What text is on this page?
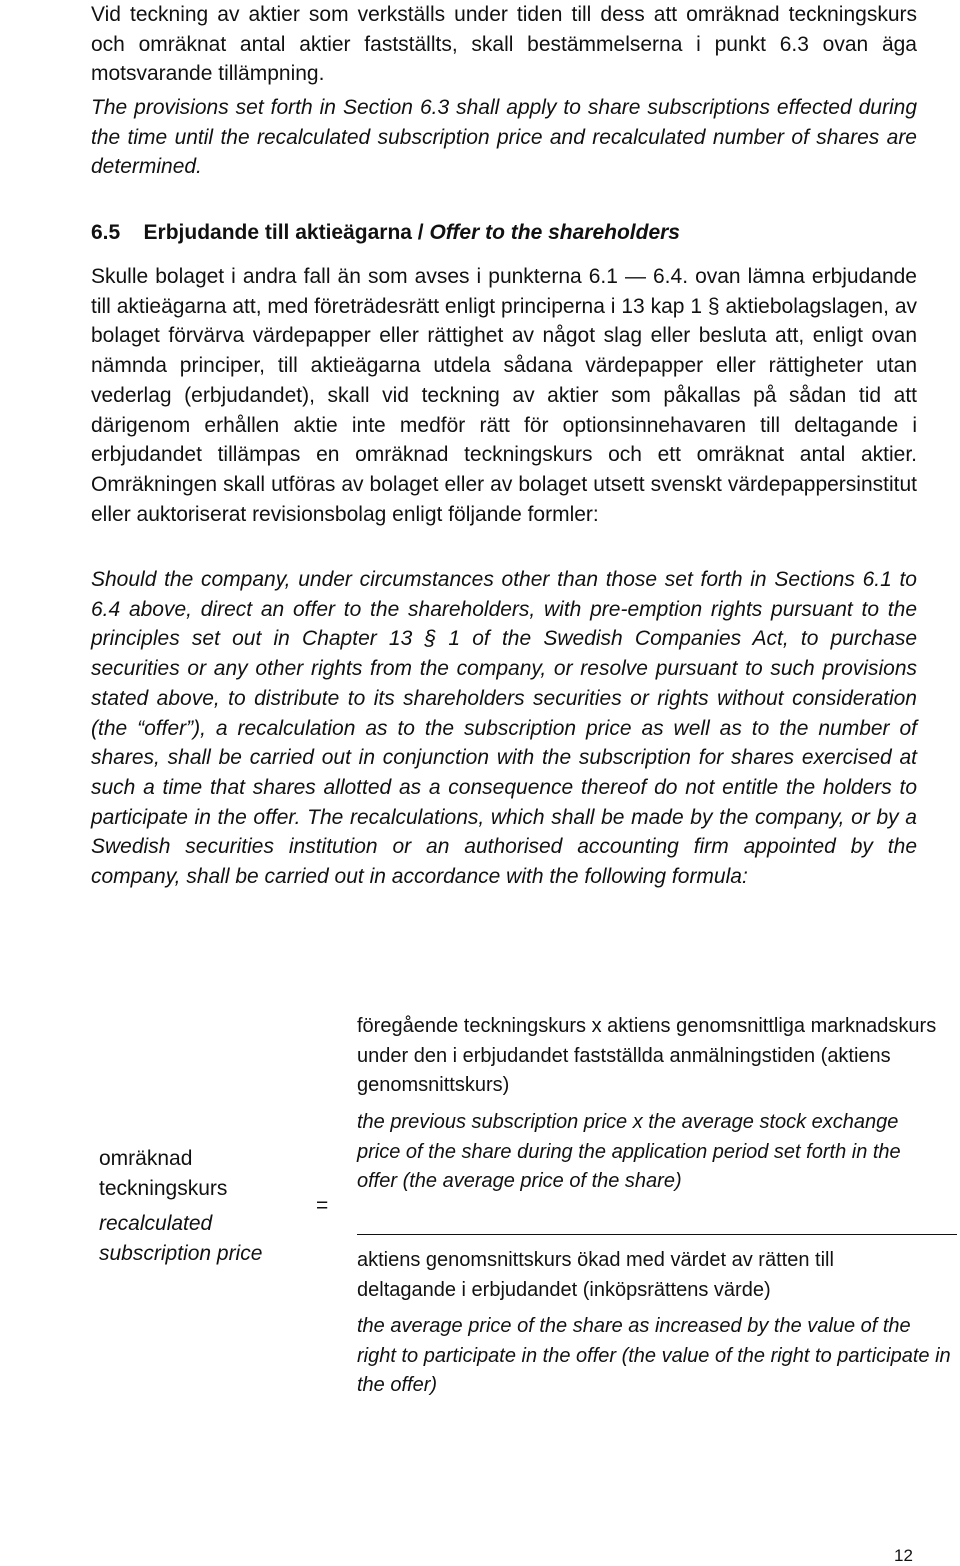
Vid teckning av aktier som verkställs under tiden till dess att omräknad teckningskurs och omräknat antal aktier fastställts, skall bestämmelserna i punkt 6.3 ovan äga motsvarande tillämpning.

The provisions set forth in Section 6.3 shall apply to share subscriptions effected during the time until the recalculated subscription price and recalculated number of shares are determined.

6.5 Erbjudande till aktieägarna / Offer to the shareholders

Skulle bolaget i andra fall än som avses i punkterna 6.1 — 6.4. ovan lämna erbjudande till aktieägarna att, med företrädesrätt enligt principerna i 13 kap 1 § aktiebolagslagen, av bolaget förvärva värdepapper eller rättighet av något slag eller besluta att, enligt ovan nämnda principer, till aktieägarna utdela sådana värdepapper eller rättigheter utan vederlag (erbjudandet), skall vid teckning av aktier som påkallas på sådan tid att därigenom erhållen aktie inte medför rätt för optionsinnehavaren till deltagande i erbjudandet tillämpas en omräknad teckningskurs och ett omräknat antal aktier. Omräkningen skall utföras av bolaget eller av bolaget utsett svenskt värdepappersinstitut eller auktoriserat revisionsbolag enligt följande formler:

Should the company, under circumstances other than those set forth in Sections 6.1 to 6.4 above, direct an offer to the shareholders, with pre-emption rights pursuant to the principles set out in Chapter 13 § 1 of the Swedish Companies Act, to purchase securities or any other rights from the company, or resolve pursuant to such provisions stated above, to distribute to its shareholders securities or rights without consideration (the “offer”), a recalculation as to the subscription price as well as to the number of shares, shall be carried out in conjunction with the subscription for shares exercised at such a time that shares allotted as a consequence thereof do not entitle the holders to participate in the offer. The recalculations, which shall be made by the company, or by a Swedish securities institution or an authorised accounting firm appointed by the company, shall be carried out in accordance with the following formula:

omräknad teckningskurs
recalculated subscription price
=
föregående teckningskurs x aktiens genomsnittliga marknadskurs under den i erbjudandet fastställda anmälningstiden (aktiens genomsnittskurs)
the previous subscription price x the average stock exchange price of the share during the application period set forth in the offer (the average price of the share)
aktiens genomsnittskurs ökad med värdet av rätten till deltagande i erbjudandet (inköpsrättens värde)
the average price of the share as increased by the value of the right to participate in the offer (the value of the right to participate in the offer)
12
